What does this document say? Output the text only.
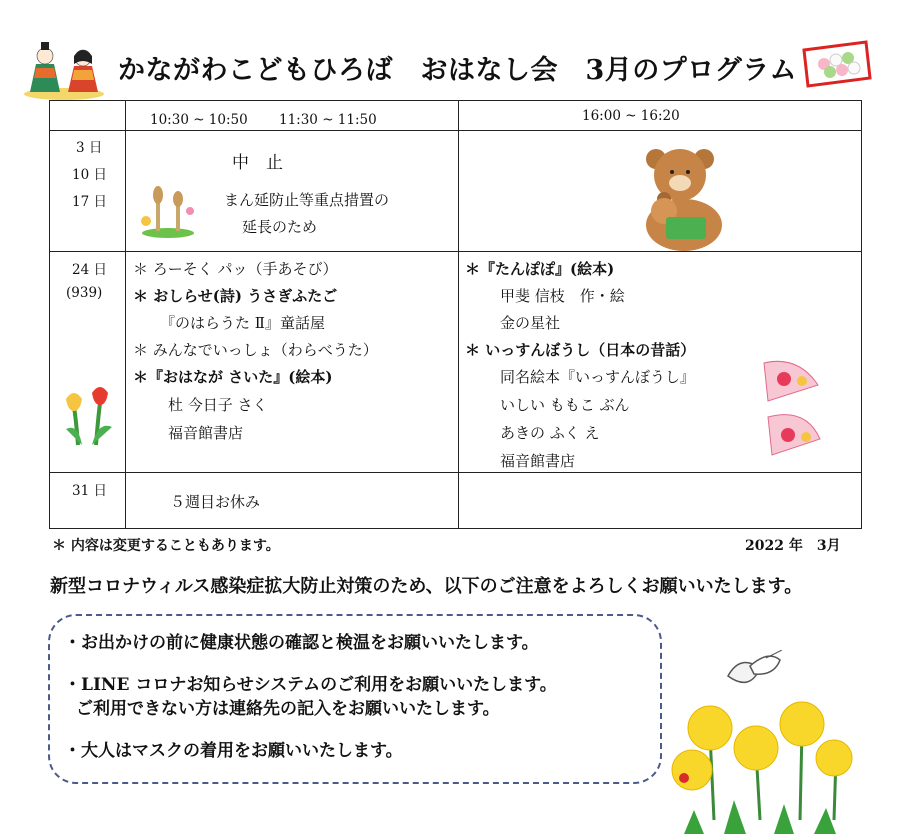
かながわこどもひろば　おはなし会　3月のプログラム
10:30 ~ 10:50　　 11:30 ~ 11:50	16:00 ~ 16:20
3 日
10 日
17 日
中　止
まん延防止等重点措置の
延長のため
24 日
(939)
＊ ろーそく パッ（手あそび）
＊ おしらせ(詩) うさぎふたご
『のはらうた Ⅱ』童話屋
＊ みんなでいっしょ（わらべうた）
＊『おはなが さいた』(絵本)
杜 今日子 さく
福音館書店
＊『たんぽぽ』(絵本)
甲斐 信枝　作・絵
金の星社
＊ いっすんぼうし（日本の昔話）
同名絵本『いっすんぼうし』
いしい ももこ ぶん
あきの ふく え
福音館書店
31 日
５週目お休み
＊ 内容は変更することもあります。	2022 年　3月
新型コロナウィルス感染症拡大防止対策のため、以下のご注意をよろしくお願いいたします。
・お出かけの前に健康状態の確認と検温をお願いいたします。
・LINE コロナお知らせシステムのご利用をお願いいたします。
ご利用できない方は連絡先の記入をお願いいたします。
・大人はマスクの着用をお願いいたします。
